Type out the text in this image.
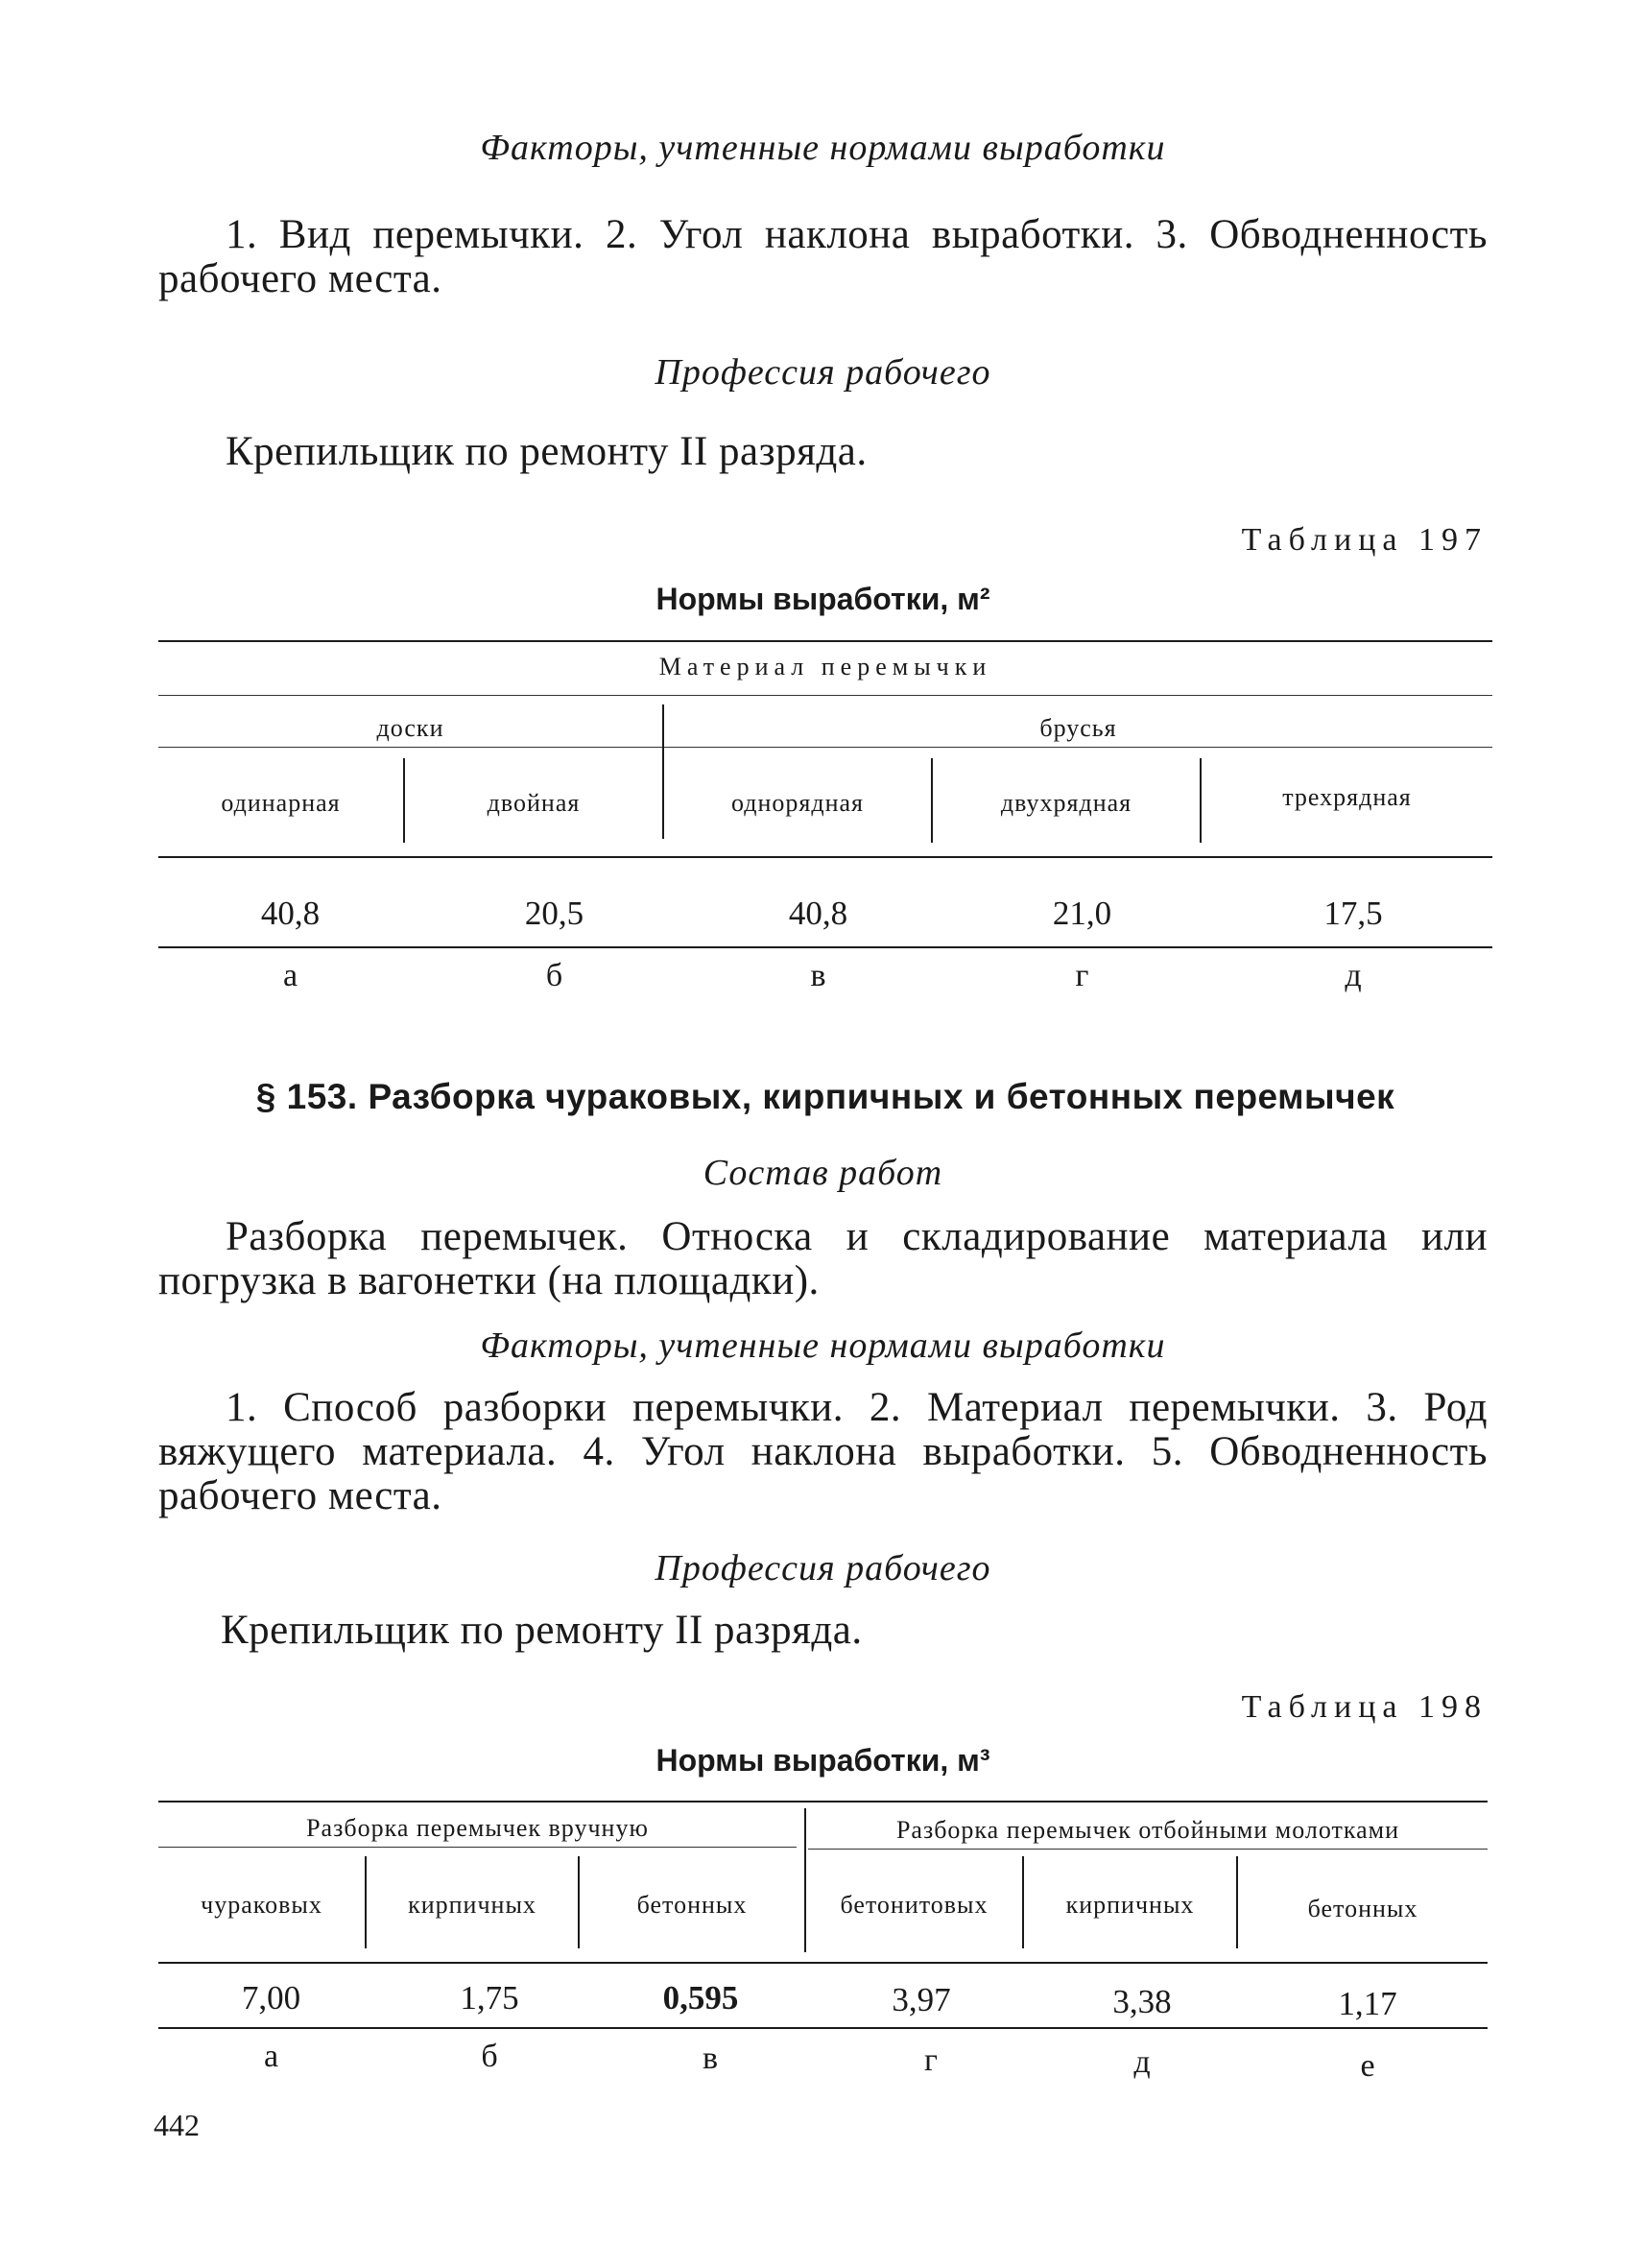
Факторы, учтенные нормами выработки
1. Вид перемычки. 2. Угол наклона выработки. 3. Обводненность рабочего места.
Профессия рабочего
Крепильщик по ремонту II разряда.
Таблица 197
Нормы выработки, м²
Материал перемычки
доски	брусья
одинарная	двойная	однорядная	двухрядная	трехрядная
40,8	20,5	40,8	21,0	17,5
а	б	в	г	д
§ 153. Разборка чураковых, кирпичных и бетонных перемычек
Состав работ
Разборка перемычек. Относка и складирование материала или погрузка в вагонетки (на площадки).
Факторы, учтенные нормами выработки
1. Способ разборки перемычки. 2. Материал перемычки. 3. Род вяжущего материала. 4. Угол наклона выработки. 5. Обводненность рабочего места.
Профессия рабочего
Крепильщик по ремонту II разряда.
Таблица 198
Нормы выработки, м³
Разборка перемычек вручную	Разборка перемычек отбойными молотками
чураковых	кирпичных	бетонных	бетонитовых	кирпичных	бетонных
7,00	1,75	0,595	3,97	3,38	1,17
а	б	в	г	д	е
442
